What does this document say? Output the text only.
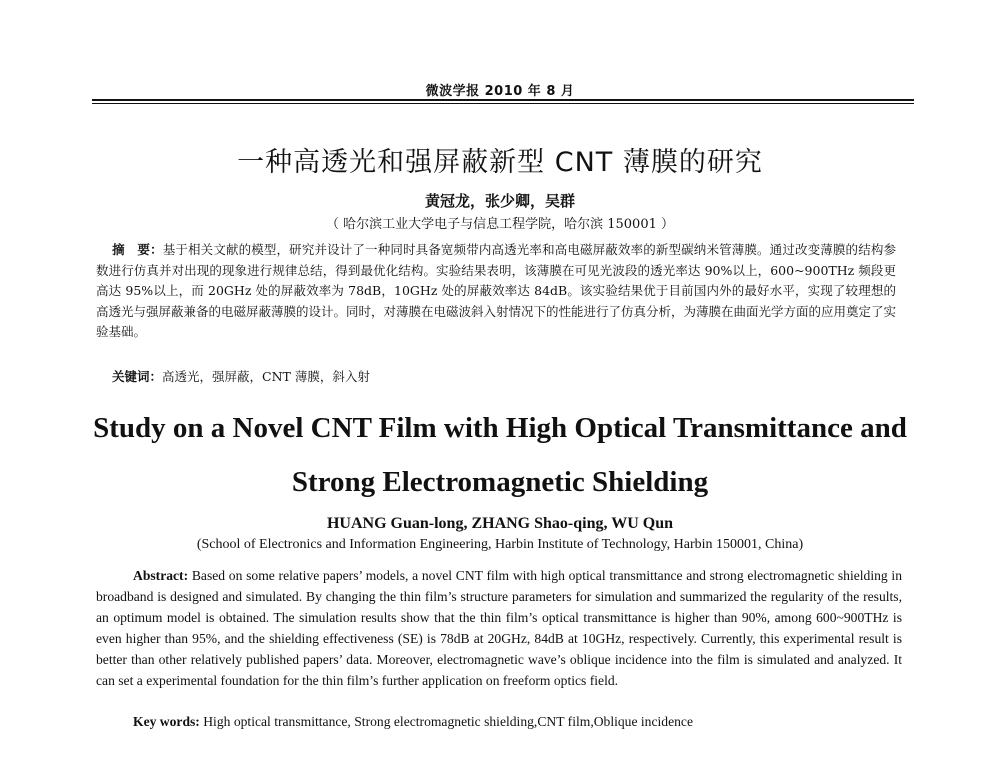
微波学报 2010 年 8 月
一种高透光和强屏蔽新型 CNT 薄膜的研究
黄冠龙，张少卿，吴群
（ 哈尔滨工业大学电子与信息工程学院，哈尔滨 150001 ）
摘　要：基于相关文献的模型，研究并设计了一种同时具备宽频带内高透光率和高电磁屏蔽效率的新型碳纳米管薄膜。通过改变薄膜的结构参数进行仿真并对出现的现象进行规律总结，得到最优化结构。实验结果表明，该薄膜在可见光波段的透光率达 90%以上，600~900THz 频段更高达 95%以上，而 20GHz 处的屏蔽效率为 78dB，10GHz 处的屏蔽效率达 84dB。该实验结果优于目前国内外的最好水平，实现了较理想的高透光与强屏蔽兼备的电磁屏蔽薄膜的设计。同时，对薄膜在电磁波斜入射情况下的性能进行了仿真分析，为薄膜在曲面光学方面的应用奠定了实验基础。
关键词：高透光，强屏蔽，CNT 薄膜，斜入射
Study on a Novel CNT Film with High Optical Transmittance and
Strong Electromagnetic Shielding
HUANG Guan-long, ZHANG Shao-qing, WU Qun
(School of Electronics and Information Engineering, Harbin Institute of Technology, Harbin 150001, China)
Abstract: Based on some relative papers’ models, a novel CNT film with high optical transmittance and strong electromagnetic shielding in broadband is designed and simulated. By changing the thin film’s structure parameters for simulation and summarized the regularity of the results, an optimum model is obtained. The simulation results show that the thin film’s optical transmittance is higher than 90%, among 600~900THz is even higher than 95%, and the shielding effectiveness (SE) is 78dB at 20GHz, 84dB at 10GHz, respectively. Currently, this experimental result is better than other relatively published papers’ data. Moreover, electromagnetic wave’s oblique incidence into the film is simulated and analyzed. It can set a experimental foundation for the thin film’s further application on freeform optics field.
Key words: High optical transmittance, Strong electromagnetic shielding,CNT film,Oblique incidence
